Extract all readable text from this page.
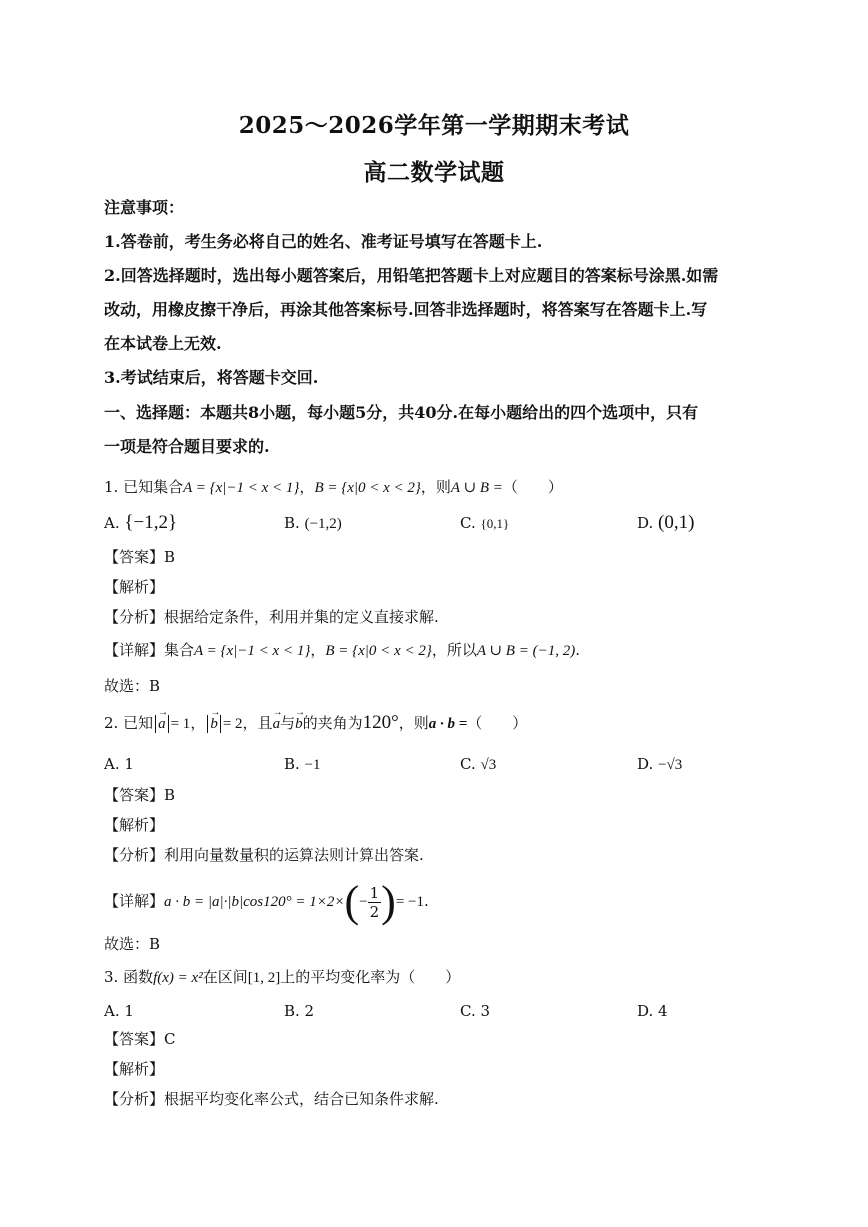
2025～2026学年第一学期期末考试
高二数学试题
注意事项：
1.答卷前，考生务必将自己的姓名、准考证号填写在答题卡上.
2.回答选择题时，选出每小题答案后，用铅笔把答题卡上对应题目的答案标号涂黑.如需
改动，用橡皮擦干净后，再涂其他答案标号.回答非选择题时，将答案写在答题卡上.写
在本试卷上无效.
3.考试结束后，将答题卡交回.
一、选择题：本题共8小题，每小题5分，共40分.在每小题给出的四个选项中，只有
一项是符合题目要求的.
1. 已知集合A = {x|−1 < x < 1}，B = {x|0 < x < 2}，则A ∪ B =（　　）
A. {−1,2}	B. (−1,2)	C. {0,1}	D. (0,1)
【答案】B
【解析】
【分析】根据给定条件，利用并集的定义直接求解.
【详解】集合A = {x|−1 < x < 1}，B = {x|0 < x < 2}，所以A ∪ B = (−1, 2).
故选：B
2. 已知 → a = 1， → b = 2，且→ a与→ b的夹角为120°，则a · b =（　　）
A. 1	B. −1	C. √3	D. −√3
【答案】B
【解析】
【分析】利用向量数量积的运算法则计算出答案.
【详解】$a \cdot b = |a|\cdot|b|\cos 120^\circ = 1\times 2\times(- \frac{1}{2}$ )= −1.
故选：B
3. 函数f(x) = x²在区间[1, 2]上的平均变化率为（　　）
A. 1	B. 2	C. 3	D. 4
【答案】C
【解析】
【分析】根据平均变化率公式，结合已知条件求解.
